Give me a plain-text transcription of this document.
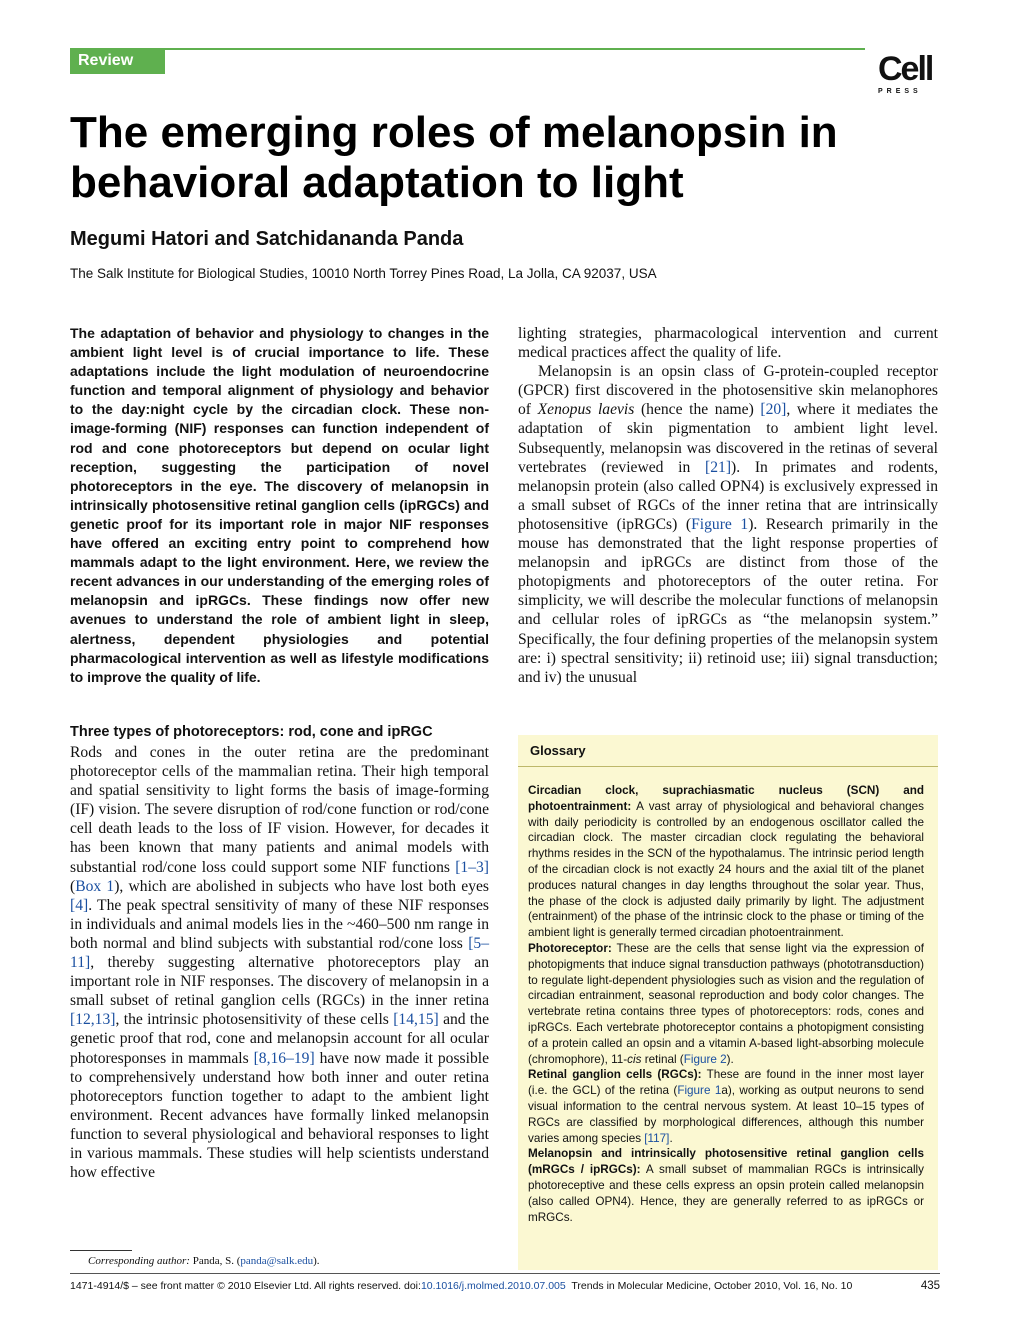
Review	Cell
PRESS
The emerging roles of melanopsin in behavioral adaptation to light

Megumi Hatori and Satchidananda Panda

The Salk Institute for Biological Studies, 10010 North Torrey Pines Road, La Jolla, CA 92037, USA

The adaptation of behavior and physiology to changes in the ambient light level is of crucial importance to life. These adaptations include the light modulation of neuroendocrine function and temporal alignment of physiology and behavior to the day:night cycle by the circadian clock. These non-image-forming (NIF) responses can function independent of rod and cone photoreceptors but depend on ocular light reception, suggesting the participation of novel photoreceptors in the eye. The discovery of melanopsin in intrinsically photosensitive retinal ganglion cells (ipRGCs) and genetic proof for its important role in major NIF responses have offered an exciting entry point to comprehend how mammals adapt to the light environment. Here, we review the recent advances in our understanding of the emerging roles of melanopsin and ipRGCs. These findings now offer new avenues to understand the role of ambient light in sleep, alertness, dependent physiologies and potential pharmacological intervention as well as lifestyle modifications to improve the quality of life.

Three types of photoreceptors: rod, cone and ipRGC

Rods and cones in the outer retina are the predominant photoreceptor cells of the mammalian retina. Their high temporal and spatial sensitivity to light forms the basis of image-forming (IF) vision. The severe disruption of rod/cone function or rod/cone cell death leads to the loss of IF vision. However, for decades it has been known that many patients and animal models with substantial rod/cone loss could support some NIF functions [1–3] (Box 1), which are abolished in subjects who have lost both eyes [4]. The peak spectral sensitivity of many of these NIF responses in individuals and animal models lies in the ~460–500 nm range in both normal and blind subjects with substantial rod/cone loss [5–11], thereby suggesting alternative photoreceptors play an important role in NIF responses. The discovery of melanopsin in a small subset of retinal ganglion cells (RGCs) in the inner retina [12,13], the intrinsic photosensitivity of these cells [14,15] and the genetic proof that rod, cone and melanopsin account for all ocular photoresponses in mammals [8,16–19] have now made it possible to comprehensively understand how both inner and outer retina photoreceptors function together to adapt to the ambient light environment. Recent advances have formally linked melanopsin function to several physiological and behavioral responses to light in various mammals. These studies will help scientists understand how effective

lighting strategies, pharmacological intervention and current medical practices affect the quality of life.

Melanopsin is an opsin class of G-protein-coupled receptor (GPCR) first discovered in the photosensitive skin melanophores of Xenopus laevis (hence the name) [20], where it mediates the adaptation of skin pigmentation to ambient light level. Subsequently, melanopsin was discovered in the retinas of several vertebrates (reviewed in [21]). In primates and rodents, melanopsin protein (also called OPN4) is exclusively expressed in a small subset of RGCs of the inner retina that are intrinsically photosensitive (ipRGCs) (Figure 1). Research primarily in the mouse has demonstrated that the light response properties of melanopsin and ipRGCs are distinct from those of the photopigments and photoreceptors of the outer retina. For simplicity, we will describe the molecular functions of melanopsin and cellular roles of ipRGCs as “the melanopsin system.” Specifically, the four defining properties of the melanopsin system are: i) spectral sensitivity; ii) retinoid use; iii) signal transduction; and iv) the unusual

Glossary

Circadian clock, suprachiasmatic nucleus (SCN) and photoentrainment: A vast array of physiological and behavioral changes with daily periodicity is controlled by an endogenous oscillator called the circadian clock. The master circadian clock regulating the behavioral rhythms resides in the SCN of the hypothalamus. The intrinsic period length of the circadian clock is not exactly 24 hours and the axial tilt of the planet produces natural changes in day lengths throughout the solar year. Thus, the phase of the clock is adjusted daily primarily by light. The adjustment (entrainment) of the phase of the intrinsic clock to the phase or timing of the ambient light is generally termed circadian photoentrainment.

Photoreceptor: These are the cells that sense light via the expression of photopigments that induce signal transduction pathways (phototransduction) to regulate light-dependent physiologies such as vision and the regulation of circadian entrainment, seasonal reproduction and body color changes. The vertebrate retina contains three types of photoreceptors: rods, cones and ipRGCs. Each vertebrate photoreceptor contains a photopigment consisting of a protein called an opsin and a vitamin A-based light-absorbing molecule (chromophore), 11-cis retinal (Figure 2).

Retinal ganglion cells (RGCs): These are found in the inner most layer (i.e. the GCL) of the retina (Figure 1a), working as output neurons to send visual information to the central nervous system. At least 10–15 types of RGCs are classified by morphological differences, although this number varies among species [117].

Melanopsin and intrinsically photosensitive retinal ganglion cells (mRGCs / ipRGCs): A small subset of mammalian RGCs is intrinsically photoreceptive and these cells express an opsin protein called melanopsin (also called OPN4). Hence, they are generally referred to as ipRGCs or mRGCs.

Corresponding author: Panda, S. (panda@salk.edu).

1471-4914/$ – see front matter © 2010 Elsevier Ltd. All rights reserved. doi:10.1016/j.molmed.2010.07.005  Trends in Molecular Medicine, October 2010, Vol. 16, No. 10	435
